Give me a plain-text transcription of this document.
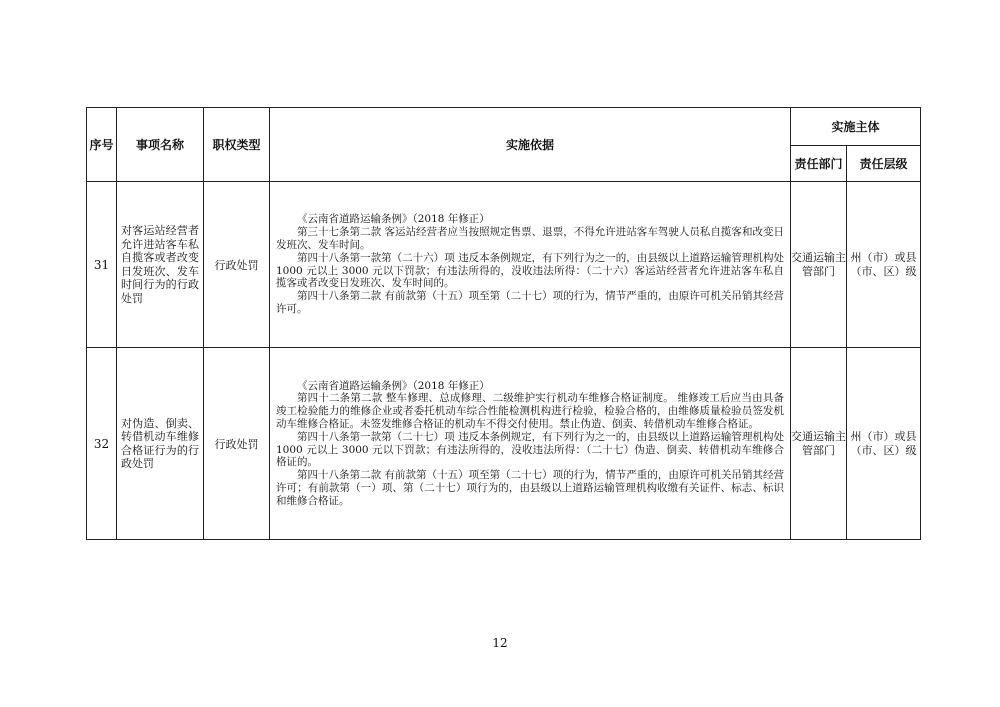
序号	事项名称	职权类型	实施依据	实施主体	
				责任部门	责任层级
31	对客运站经营者允许进站客车私自揽客或者改变日发班次、发车时间行为的行政处罚	行政处罚	《云南省道路运输条例》（2018 年修正）

第三十七条第二款 客运站经营者应当按照规定售票、退票，不得允许进站客车驾驶人员私自揽客和改变日发班次、发车时间。

第四十八条第一款第（二十六）项 违反本条例规定，有下列行为之一的，由县级以上道路运输管理机构处 1000 元以上 3000 元以下罚款；有违法所得的，没收违法所得：（二十六）客运站经营者允许进站客车私自揽客或者改变日发班次、发车时间的。

第四十八条第二款 有前款第（十五）项至第（二十七）项的行为，情节严重的，由原许可机关吊销其经营许可。	交通运输主管部门	州（市）或县（市、区）级
32	对伪造、倒卖、转借机动车维修合格证行为的行政处罚	行政处罚	《云南省道路运输条例》（2018 年修正）

第四十二条第二款 整车修理、总成修理、二级维护实行机动车维修合格证制度。 维修竣工后应当由具备竣工检验能力的维修企业或者委托机动车综合性能检测机构进行检验，检验合格的，由维修质量检验员签发机动车维修合格证。未签发维修合格证的机动车不得交付使用。禁止伪造、倒卖、转借机动车维修合格证。

第四十八条第一款第（二十七）项 违反本条例规定，有下列行为之一的，由县级以上道路运输管理机构处 1000 元以上 3000 元以下罚款；有违法所得的，没收违法所得：（二十七）伪造、倒卖、转借机动车维修合格证的。

第四十八条第二款 有前款第（十五）项至第（二十七）项的行为，情节严重的，由原许可机关吊销其经营许可；有前款第（一）项、第（二十七）项行为的，由县级以上道路运输管理机构收缴有关证件、标志、标识和维修合格证。	交通运输主管部门	州（市）或县（市、区）级
12
